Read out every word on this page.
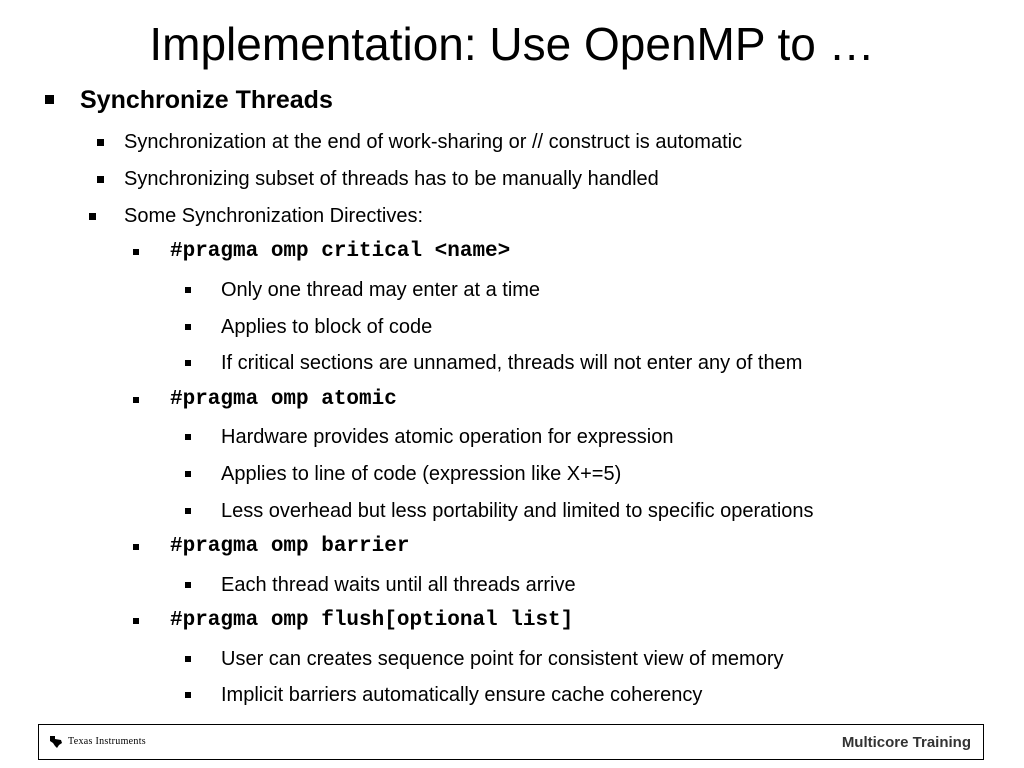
Implementation: Use OpenMP to …
Synchronize Threads
Synchronization at the end of work-sharing or // construct is automatic
Synchronizing subset of threads has to be manually handled
Some Synchronization Directives:
#pragma omp critical <name>
Only one thread may enter at a time
Applies to block of code
If critical sections are unnamed, threads will not enter any of them
#pragma omp atomic
Hardware provides atomic operation for expression
Applies to line of code (expression like X+=5)
Less overhead but less portability and limited to specific operations
#pragma omp barrier
Each thread waits until all threads arrive
#pragma omp flush[optional list]
User can creates sequence point for consistent view of memory
Implicit barriers automatically ensure cache coherency
Texas Instruments	Multicore Training
